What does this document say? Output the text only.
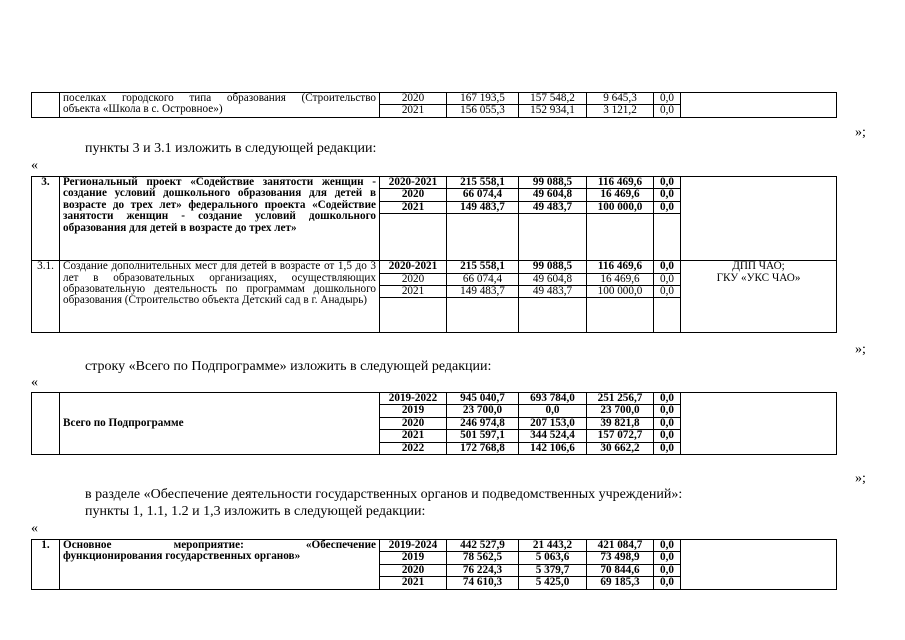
	поселках городского типа образования (Строительство
объекта «Школа в с. Островное»)	2020	167 193,5	157 548,2	9 645,3	0,0	
		2021	156 055,3	152 934,1	3 121,2	0,0	
»;
пункты 3 и 3.1 изложить в следующей редакции:
«
3.	Региональный проект «Содействие занятости женщин - создание условий дошкольного образования для детей в возрасте до трех лет» федерального проекта «Содействие занятости женщин - создание условий дошкольного образования для детей в возрасте до трех лет»	2020-2021	215 558,1	99 088,5	116 469,6	0,0	
		2020	66 074,4	49 604,8	16 469,6	0,0	
		2021	149 483,7	49 483,7	100 000,0	0,0	

3.1.	Создание дополнительных мест для детей в возрасте от 1,5 до 3 лет в образовательных организациях, осуществляющих образовательную деятельность по программам дошкольного образования (Строительство объекта Детский сад в г. Анадырь)	2020-2021	215 558,1	99 088,5	116 469,6	0,0	ДПП ЧАО;
ГКУ «УКС ЧАО»

		2020	66 074,4	49 604,8	16 469,6	0,0	
		2021	149 483,7	49 483,7	100 000,0	0,0	

»;
строку «Всего по Подпрограмме» изложить в следующей редакции:
«
	Всего по Подпрограмме	2019-2022	945 040,7	693 784,0	251 256,7	0,0	
		2019	23 700,0	0,0	23 700,0	0,0	
		2020	246 974,8	207 153,0	39 821,8	0,0	
		2021	501 597,1	344 524,4	157 072,7	0,0	
		2022	172 768,8	142 106,6	30 662,2	0,0	
»;
в разделе «Обеспечение деятельности государственных органов и подведомственных учреждений»:
пункты 1, 1.1, 1.2 и 1,3 изложить в следующей редакции:
«
1.	Основное мероприятие: «Обеспечение
функционирования государственных органов»	2019-2024	442 527,9	21 443,2	421 084,7	0,0	
		2019	78 562,5	5 063,6	73 498,9	0,0	
		2020	76 224,3	5 379,7	70 844,6	0,0	
		2021	74 610,3	5 425,0	69 185,3	0,0	
